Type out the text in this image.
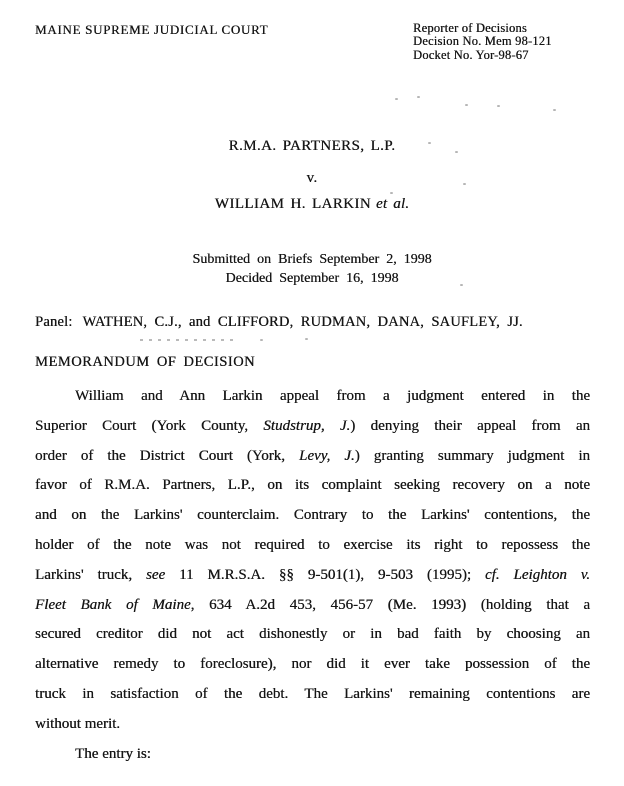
MAINE SUPREME JUDICIAL COURT	Reporter of Decisions
Decision No. Mem 98-121
Docket No. Yor-98-67
R.M.A. PARTNERS, L.P.
v.
WILLIAM H. LARKIN et al.
Submitted on Briefs September 2, 1998
Decided September 16, 1998
Panel: WATHEN, C.J., and CLIFFORD, RUDMAN, DANA, SAUFLEY, JJ.
MEMORANDUM OF DECISION
William and Ann Larkin appeal from a judgment entered in the
Superior Court (York County, Studstrup, J.) denying their appeal from an
order of the District Court (York, Levy, J.) granting summary judgment in
favor of R.M.A. Partners, L.P., on its complaint seeking recovery on a note
and on the Larkins' counterclaim. Contrary to the Larkins' contentions, the
holder of the note was not required to exercise its right to repossess the
Larkins' truck, see 11 M.R.S.A. §§ 9-501(1), 9-503 (1995); cf. Leighton v.
Fleet Bank of Maine, 634 A.2d 453, 456-57 (Me. 1993) (holding that a
secured creditor did not act dishonestly or in bad faith by choosing an
alternative remedy to foreclosure), nor did it ever take possession of the
truck in satisfaction of the debt. The Larkins' remaining contentions are
without merit.
The entry is:
